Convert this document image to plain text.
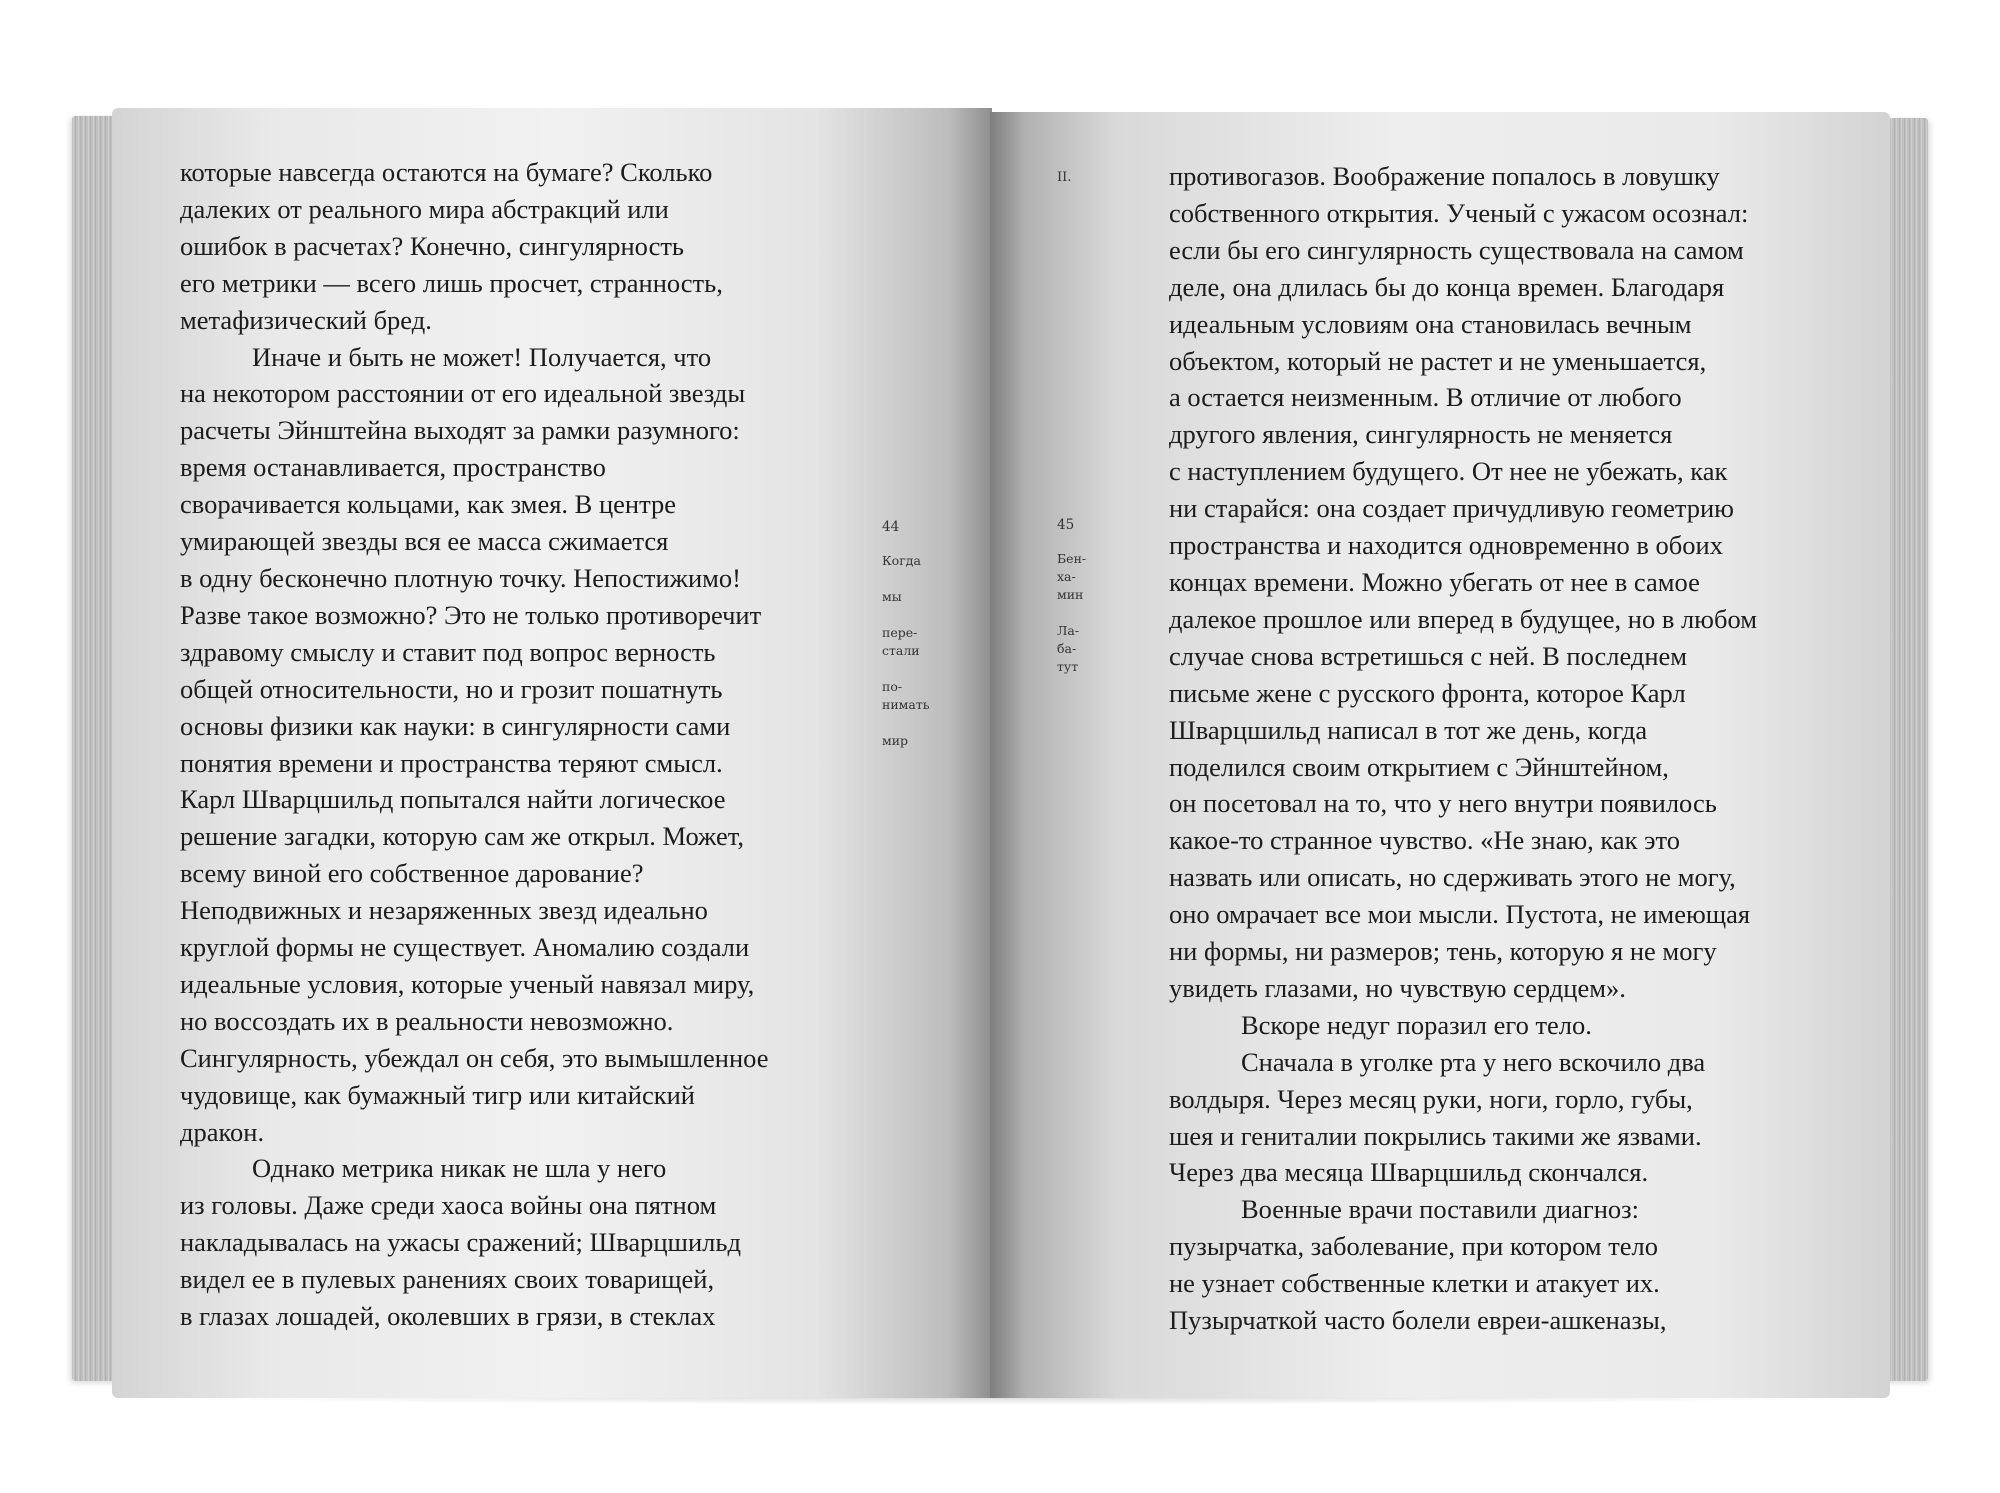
которые навсегда остаются на бумаге? Сколько
далеких от реального мира абстракций или
ошибок в расчетах? Конечно, сингулярность
его метрики — всего лишь просчет, странность,
метафизический бред.
Иначе и быть не может! Получается, что
на некотором расстоянии от его идеальной звезды
расчеты Эйнштейна выходят за рамки разумного:
время останавливается, пространство
сворачивается кольцами, как змея. В центре
умирающей звезды вся ее масса сжимается
в одну бесконечно плотную точку. Непостижимо!
Разве такое возможно? Это не только противоречит
здравому смыслу и ставит под вопрос верность
общей относительности, но и грозит пошатнуть
основы физики как науки: в сингулярности сами
понятия времени и пространства теряют смысл.
Карл Шварцшильд попытался найти логическое
решение загадки, которую сам же открыл. Может,
всему виной его собственное дарование?
Неподвижных и незаряженных звезд идеально
круглой формы не существует. Аномалию создали
идеальные условия, которые ученый навязал миру,
но воссоздать их в реальности невозможно.
Сингулярность, убеждал он себя, это вымышленное
чудовище, как бумажный тигр или китайский
дракон.
Однако метрика никак не шла у него
из головы. Даже среди хаоса войны она пятном
накладывалась на ужасы сражений; Шварцшильд
видел ее в пулевых ранениях своих товарищей,
в глазах лошадей, околевших в грязи, в стеклах
противогазов. Воображение попалось в ловушку
собственного открытия. Ученый с ужасом осознал:
если бы его сингулярность существовала на самом
деле, она длилась бы до конца времен. Благодаря
идеальным условиям она становилась вечным
объектом, который не растет и не уменьшается,
а остается неизменным. В отличие от любого
другого явления, сингулярность не меняется
с наступлением будущего. От нее не убежать, как
ни старайся: она создает причудливую геометрию
пространства и находится одновременно в обоих
концах времени. Можно убегать от нее в самое
далекое прошлое или вперед в будущее, но в любом
случае снова встретишься с ней. В последнем
письме жене с русского фронта, которое Карл
Шварцшильд написал в тот же день, когда
поделился своим открытием с Эйнштейном,
он посетовал на то, что у него внутри появилось
какое-то странное чувство. «Не знаю, как это
назвать или описать, но сдерживать этого не могу,
оно омрачает все мои мысли. Пустота, не имеющая
ни формы, ни размеров; тень, которую я не могу
увидеть глазами, но чувствую сердцем».
Вскоре недуг поразил его тело.
Сначала в уголке рта у него вскочило два
волдыря. Через месяц руки, ноги, горло, губы,
шея и гениталии покрылись такими же язвами.
Через два месяца Шварцшильд скончался.
Военные врачи поставили диагноз:
пузырчатка, заболевание, при котором тело
не узнает собственные клетки и атакует их.
Пузырчаткой часто болели евреи-ашкеназы,
44
Когда
мы
пере-
стали
по-
нимать
мир
II.
45
Бен-
ха-
мин
Ла-
ба-
тут
